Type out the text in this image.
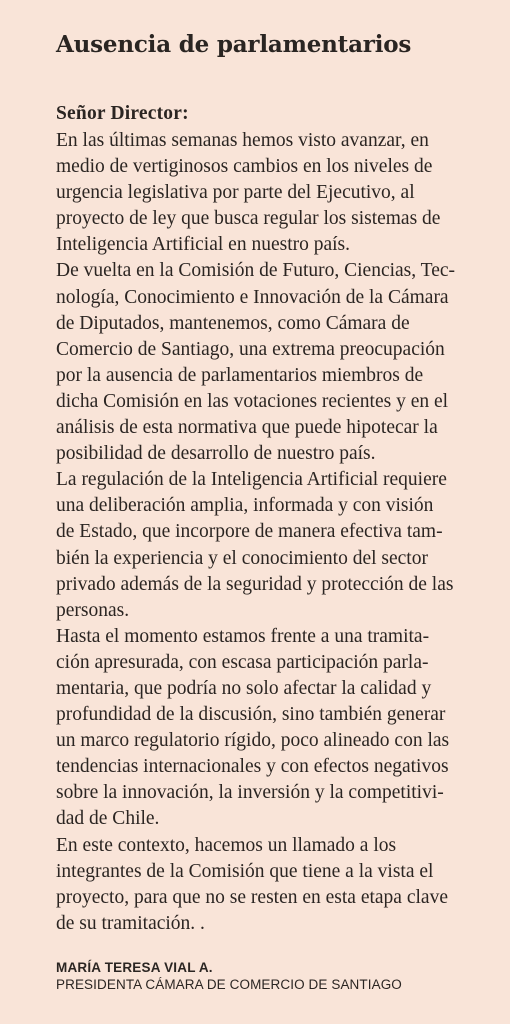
Ausencia de parlamentarios

Señor Director:

En las últimas semanas hemos visto avanzar, en
medio de vertiginosos cambios en los niveles de
urgencia legislativa por parte del Ejecutivo, al
proyecto de ley que busca regular los sistemas de
Inteligencia Artificial en nuestro país.
De vuelta en la Comisión de Futuro, Ciencias, Tec-
nología, Conocimiento e Innovación de la Cámara
de Diputados, mantenemos, como Cámara de
Comercio de Santiago, una extrema preocupación
por la ausencia de parlamentarios miembros de
dicha Comisión en las votaciones recientes y en el
análisis de esta normativa que puede hipotecar la
posibilidad de desarrollo de nuestro país.
La regulación de la Inteligencia Artificial requiere
una deliberación amplia, informada y con visión
de Estado, que incorpore de manera efectiva tam-
bién la experiencia y el conocimiento del sector
privado además de la seguridad y protección de las
personas.
Hasta el momento estamos frente a una tramita-
ción apresurada, con escasa participación parla-
mentaria, que podría no solo afectar la calidad y
profundidad de la discusión, sino también generar
un marco regulatorio rígido, poco alineado con las
tendencias internacionales y con efectos negativos
sobre la innovación, la inversión y la competitivi-
dad de Chile.
En este contexto, hacemos un llamado a los
integrantes de la Comisión que tiene a la vista el
proyecto, para que no se resten en esta etapa clave
de su tramitación. .
MARÍA TERESA VIAL A.
PRESIDENTA CÁMARA DE COMERCIO DE SANTIAGO
